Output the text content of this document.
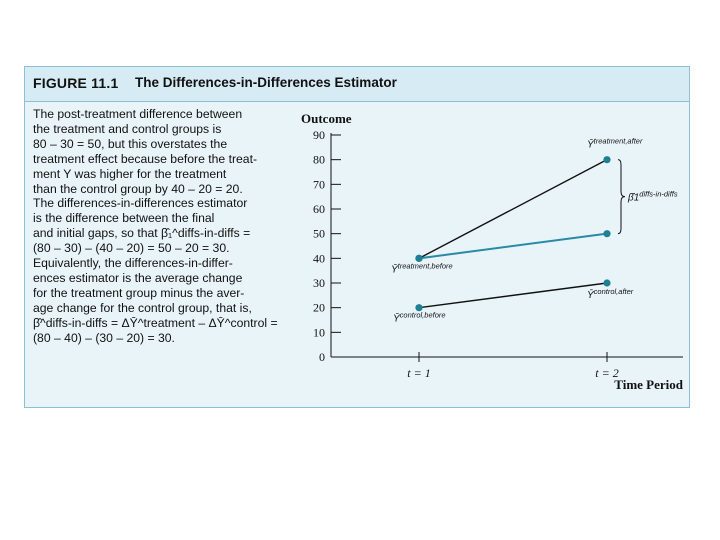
FIGURE 11.1 The Differences-in-Differences Estimator
The post-treatment difference between
the treatment and control groups is
80 – 30 = 50, but this overstates the
treatment effect because before the treat-
ment Y was higher for the treatment
than the control group by 40 – 20 = 20.
The differences-in-differences estimator
is the difference between the final
and initial gaps, so that β̂₁^diffs-in-diffs =
(80 – 30) – (40 – 20) = 50 – 20 = 30.
Equivalently, the differences-in-differ-
ences estimator is the average change
for the treatment group minus the aver-
age change for the control group, that is,
β̂^diffs-in-diffs = ΔȲ^treatment – ΔȲ^control =
(80 – 40) – (30 – 20) = 30.
0
10
20
30
40
50
60
70
80
90
t = 1	t = 2
Outcome
Time Period
$Ȳ^{treatment,after}$
$Ȳ^{treatment,before}$
$Ȳ^{control,before}$
$Ȳ^{control,after}$
$\betâ1^{diffs-in-diffs}$
